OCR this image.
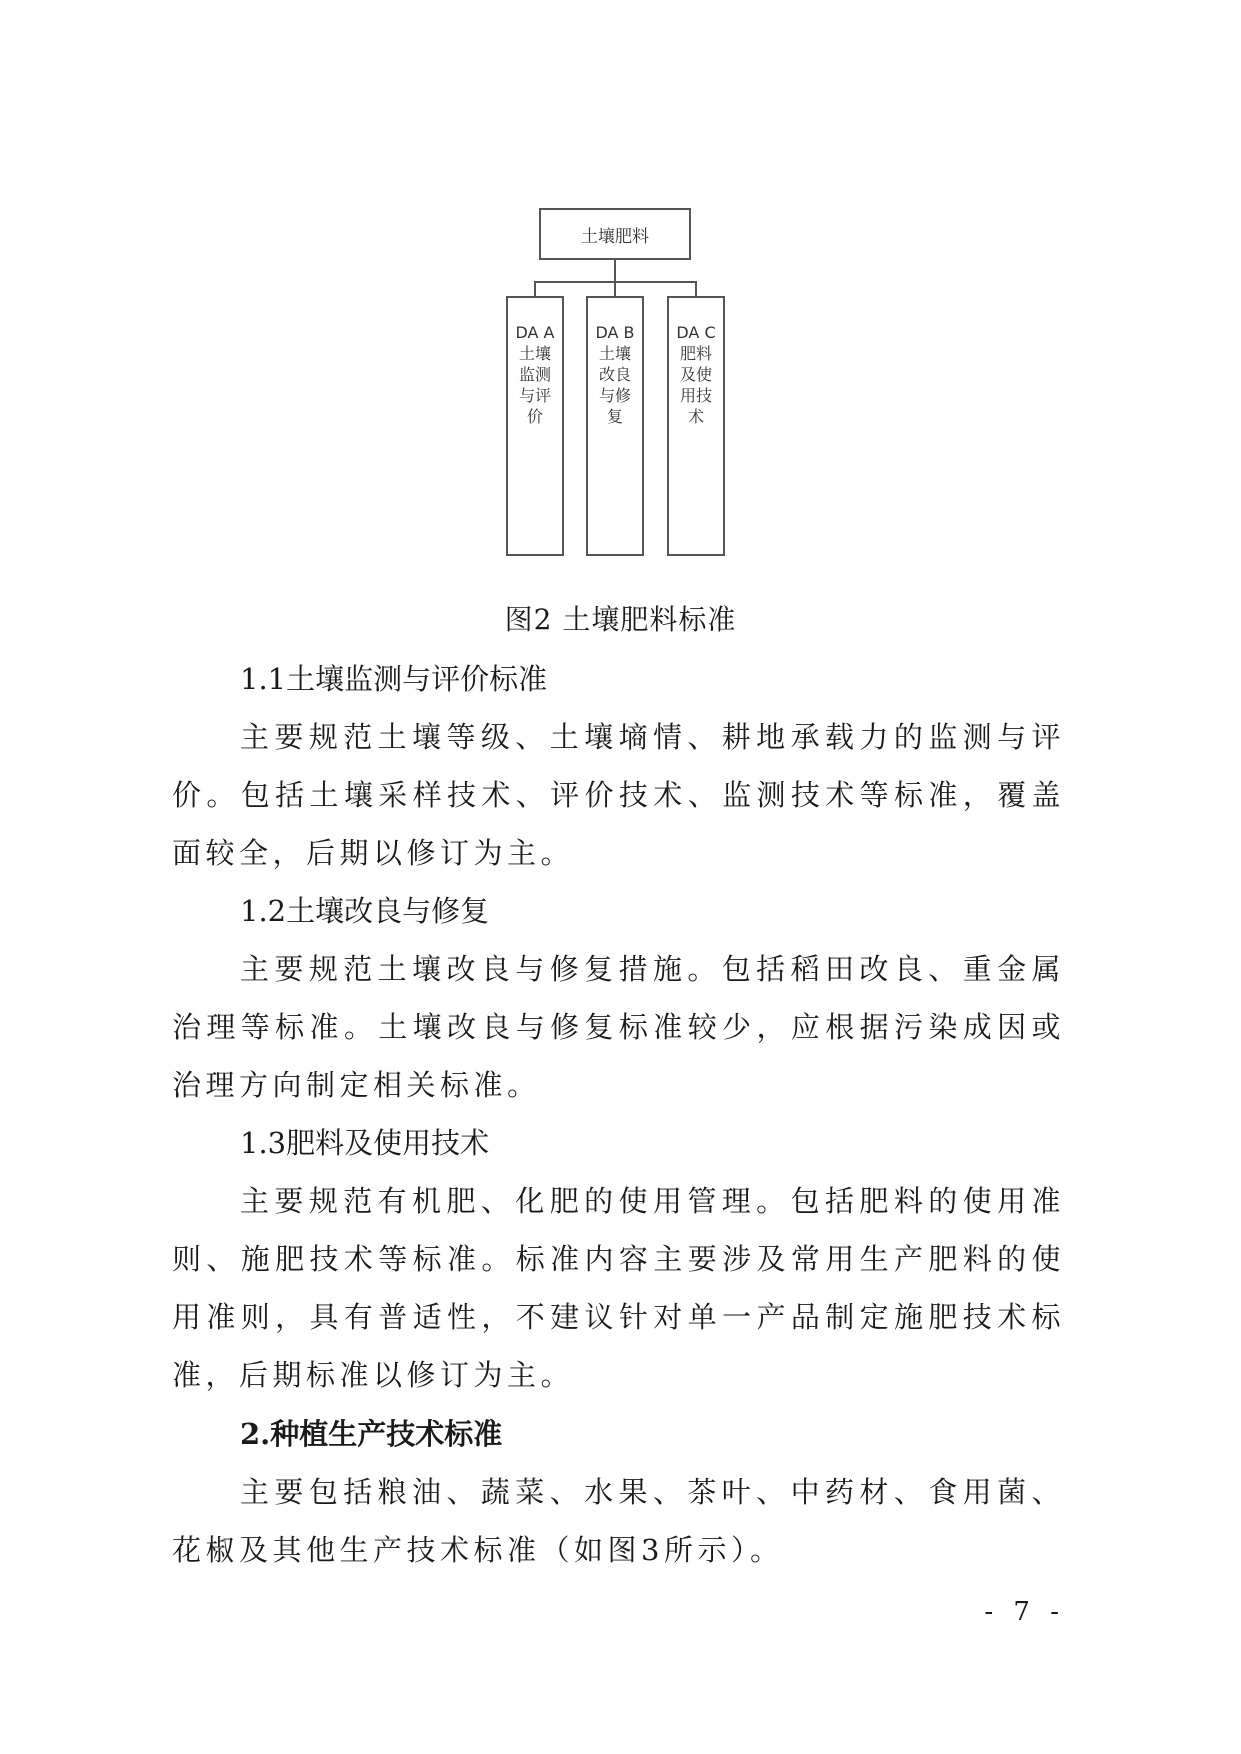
土壤肥料
DA A 土壤监测与评价
DA B 土壤改良与修复
DA C 肥料及使用技术
图2 土壤肥料标准
1.1土壤监测与评价标准
主要规范土壤等级、土壤墒情、耕地承载力的监测与评价。包括土壤采样技术、评价技术、监测技术等标准，覆盖面较全，后期以修订为主。
1.2土壤改良与修复
主要规范土壤改良与修复措施。包括稻田改良、重金属治理等标准。土壤改良与修复标准较少，应根据污染成因或治理方向制定相关标准。
1.3肥料及使用技术
主要规范有机肥、化肥的使用管理。包括肥料的使用准则、施肥技术等标准。标准内容主要涉及常用生产肥料的使用准则，具有普适性，不建议针对单一产品制定施肥技术标准，后期标准以修订为主。
2.种植生产技术标准
主要包括粮油、蔬菜、水果、茶叶、中药材、食用菌、花椒及其他生产技术标准（如图3所示）。
- 7 -
